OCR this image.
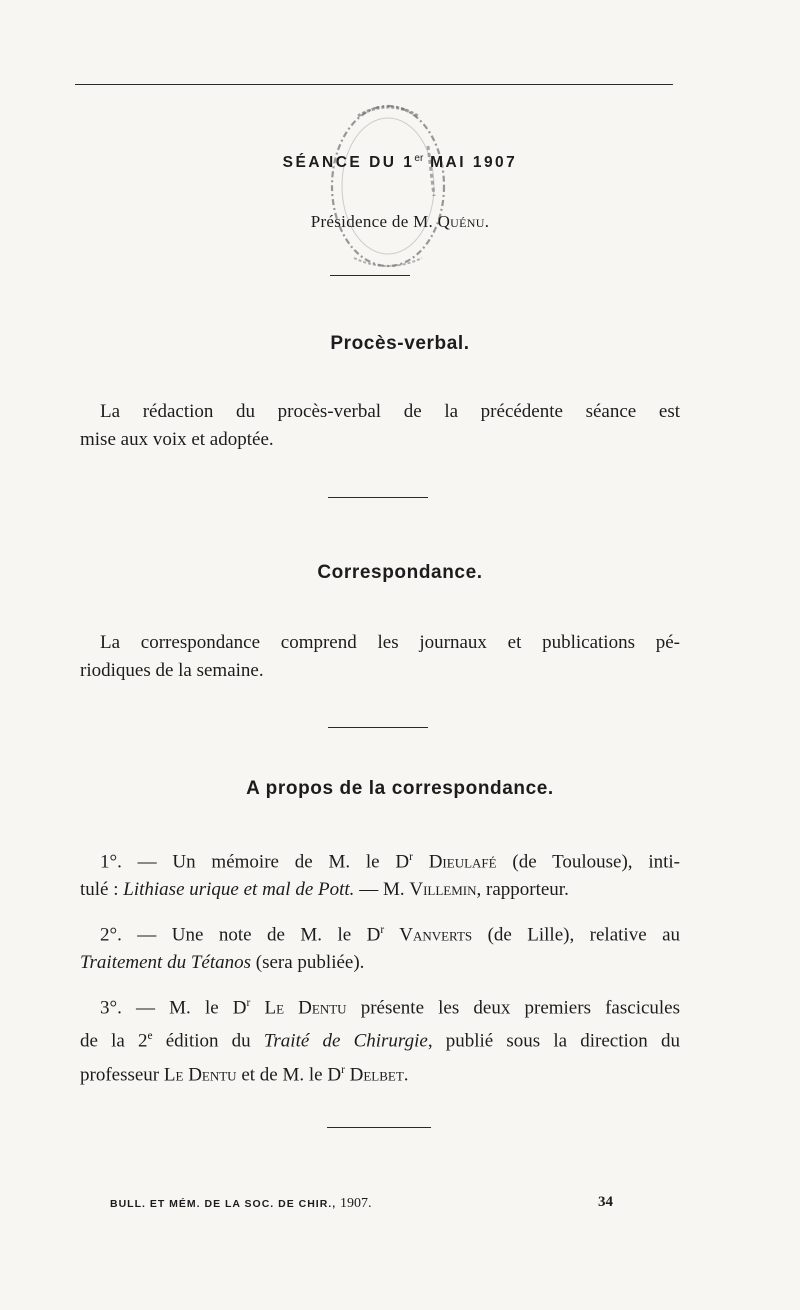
SÉANCE DU 1er MAI 1907
Présidence de M. Quénu.
Procès-verbal.
La rédaction du procès-verbal de la précédente séance est
mise aux voix et adoptée.
Correspondance.
La correspondance comprend les journaux et publications pé-
riodiques de la semaine.
A propos de la correspondance.
1°. — Un mémoire de M. le $D^r$ Dieulafé (de Toulouse), inti-
tulé : Lithiase urique et mal de Pott. — M. Villemin, rapporteur.
2°. — Une note de M. le $D^r$ Vanverts (de Lille), relative au
Traitement du Tétanos (sera publiée).
3°. — M. le $D^r$ Le Dentu présente les deux premiers fascicules
de la 2e édition du Traité de Chirurgie, publié sous la direction du
professeur Le Dentu et de M. le $D^r$ Delbet.
BULL. ET MÉM. DE LA SOC. DE CHIR., 1907.	34
